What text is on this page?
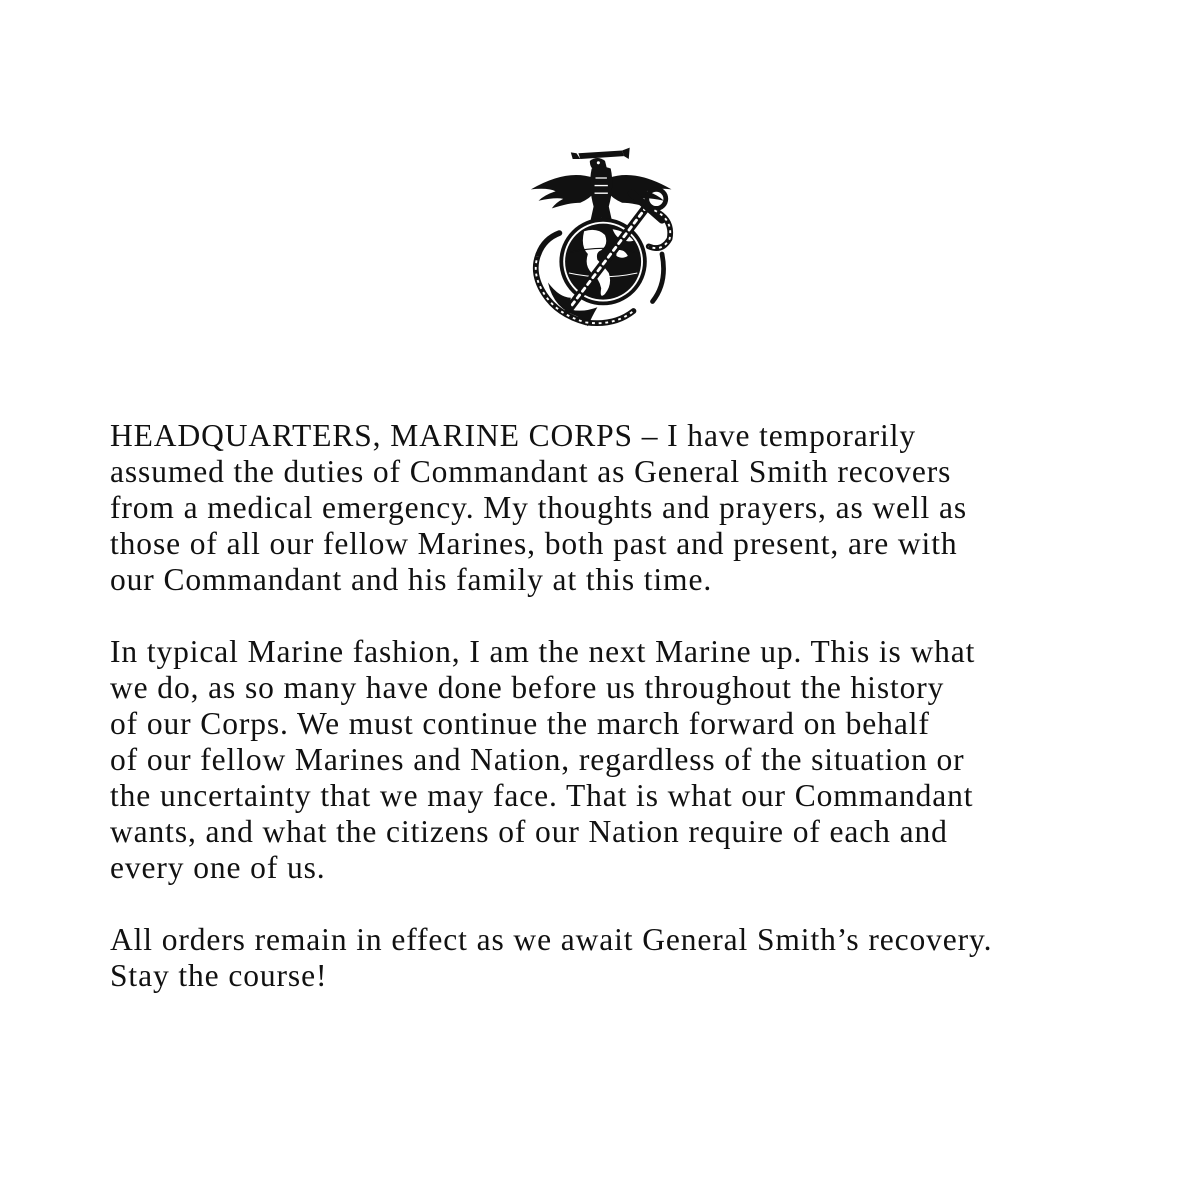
HEADQUARTERS, MARINE CORPS – I have temporarily
assumed the duties of Commandant as General Smith recovers
from a medical emergency. My thoughts and prayers, as well as
those of all our fellow Marines, both past and present, are with
our Commandant and his family at this time.
In typical Marine fashion, I am the next Marine up. This is what
we do, as so many have done before us throughout the history
of our Corps. We must continue the march forward on behalf
of our fellow Marines and Nation, regardless of the situation or
the uncertainty that we may face. That is what our Commandant
wants, and what the citizens of our Nation require of each and
every one of us.
All orders remain in effect as we await General Smith’s recovery.
Stay the course!
